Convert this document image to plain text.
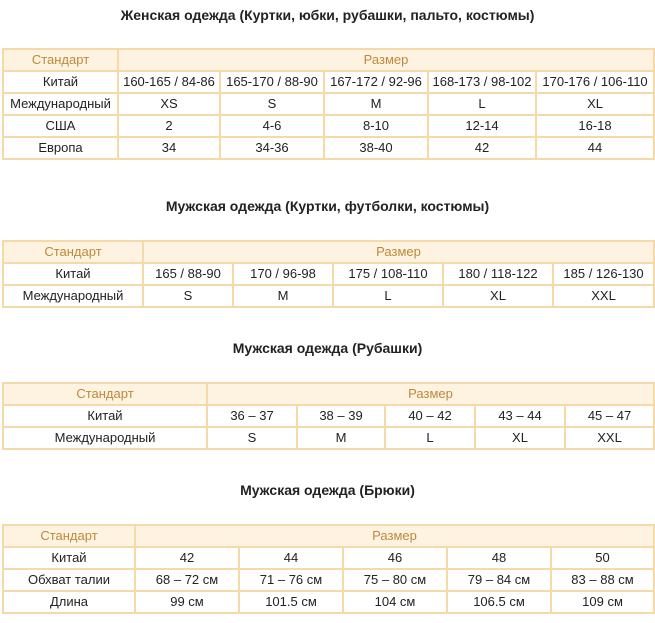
Женская одежда (Куртки, юбки, рубашки, пальто, костюмы)
Стандарт	Размер				
Китай	160-165 / 84-86	165-170 / 88-90	167-172 / 92-96	168-173 / 98-102	170-176 / 106-110
Международный	XS	S	M	L	XL
США	2	4-6	8-10	12-14	16-18
Европа	34	34-36	38-40	42	44
Мужская одежда (Куртки, футболки, костюмы)
Стандарт	Размер				
Китай	165 / 88-90	170 / 96-98	175 / 108-110	180 / 118-122	185 / 126-130
Международный	S	M	L	XL	XXL
Мужская одежда (Рубашки)
Стандарт	Размер				
Китай	36 – 37	38 – 39	40 – 42	43 – 44	45 – 47
Международный	S	M	L	XL	XXL
Мужская одежда (Брюки)
Стандарт	Размер				
Китай	42	44	46	48	50
Обхват талии	68 – 72 см	71 – 76 см	75 – 80 см	79 – 84 см	83 – 88 см
Длина	99 см	101.5 см	104 см	106.5 см	109 см
